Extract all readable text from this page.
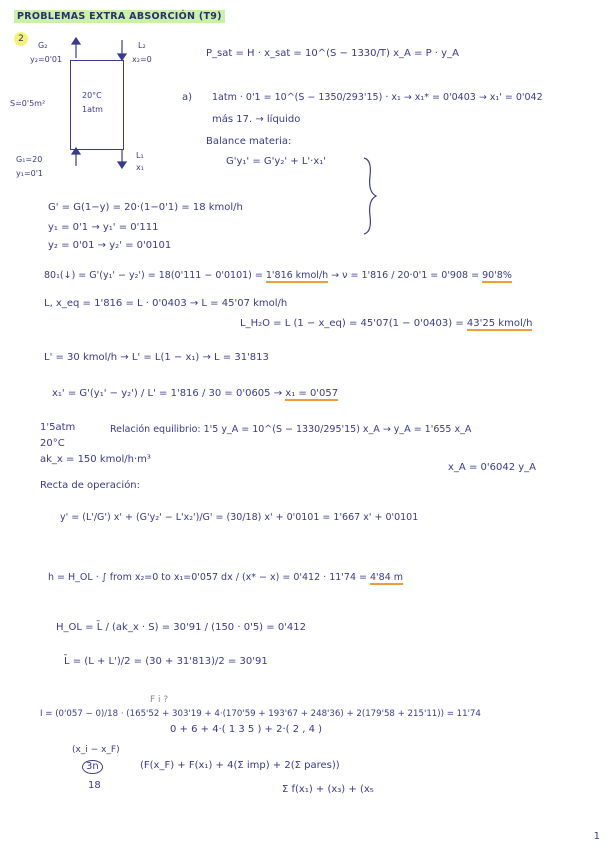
PROBLEMAS EXTRA ABSORCIÓN (T9)
2
G₂
y₂=0'01
L₂
x₂=0
S=0'5m²
20°C
1atm
G₁=20
y₁=0'1
L₁
x₁
P_sat = H · x_sat = 10^(S − 1330/T) x_A = P · y_A
a) 1atm · 0'1 = 10^(S − 1350/293'15) · x₁ → x₁* = 0'0403 → x₁' = 0'042
más 17. → líquido
Balance materia:
G'y₁' = G'y₂' + L'·x₁'
G' = G(1−y) = 20·(1−0'1) = 18 kmol/h
y₁ = 0'1 → y₁' = 0'111
y₂ = 0'01 → y₂' = 0'0101
80₁(↓) = G'(y₁' − y₂') = 18(0'111 − 0'0101) = 1'816 kmol/h → ν = 1'816 / 20·0'1 = 0'908 = 90'8%
L, x_eq = 1'816 = L · 0'0403 → L = 45'07 kmol/h
L_H₂O = L (1 − x_eq) = 45'07(1 − 0'0403) = 43'25 kmol/h
L' = 30 kmol/h → L' = L(1 − x₁) → L = 31'813
x₁' = G'(y₁' − y₂') / L' = 1'816 / 30 = 0'0605 → x₁ = 0'057
1'5atm
20°C
ak_x = 150 kmol/h·m³
Relación equilibrio: 1'5 y_A = 10^(S − 1330/295'15) x_A → y_A = 1'655 x_A
x_A = 0'6042 y_A
Recta de operación:
y' = (L'/G') x' + (G'y₂' − L'x₂')/G' = (30/18) x' + 0'0101 = 1'667 x' + 0'0101
h = H_OL · ∫ from x₂=0 to x₁=0'057 dx / (x* − x) = 0'412 · 11'74 = 4'84 m
H_OL = L̄ / (ak_x · S) = 30'91 / (150 · 0'5) = 0'412
L̄ = (L + L')/2 = (30 + 31'813)/2 = 30'91
F i ?
I = (0'057 − 0)/18 · (165'52 + 303'19 + 4·(170'59 + 193'67 + 248'36) + 2(179'58 + 215'11)) = 11'74
0 + 6 + 4·( 1 3 5 ) + 2·( 2 , 4 )
(x_i − x_F)
3n
18
(F(x_F) + F(x₁) + 4(Σ imp) + 2(Σ pares))
Σ f(x₁) + (x₃) + (x₅
1
